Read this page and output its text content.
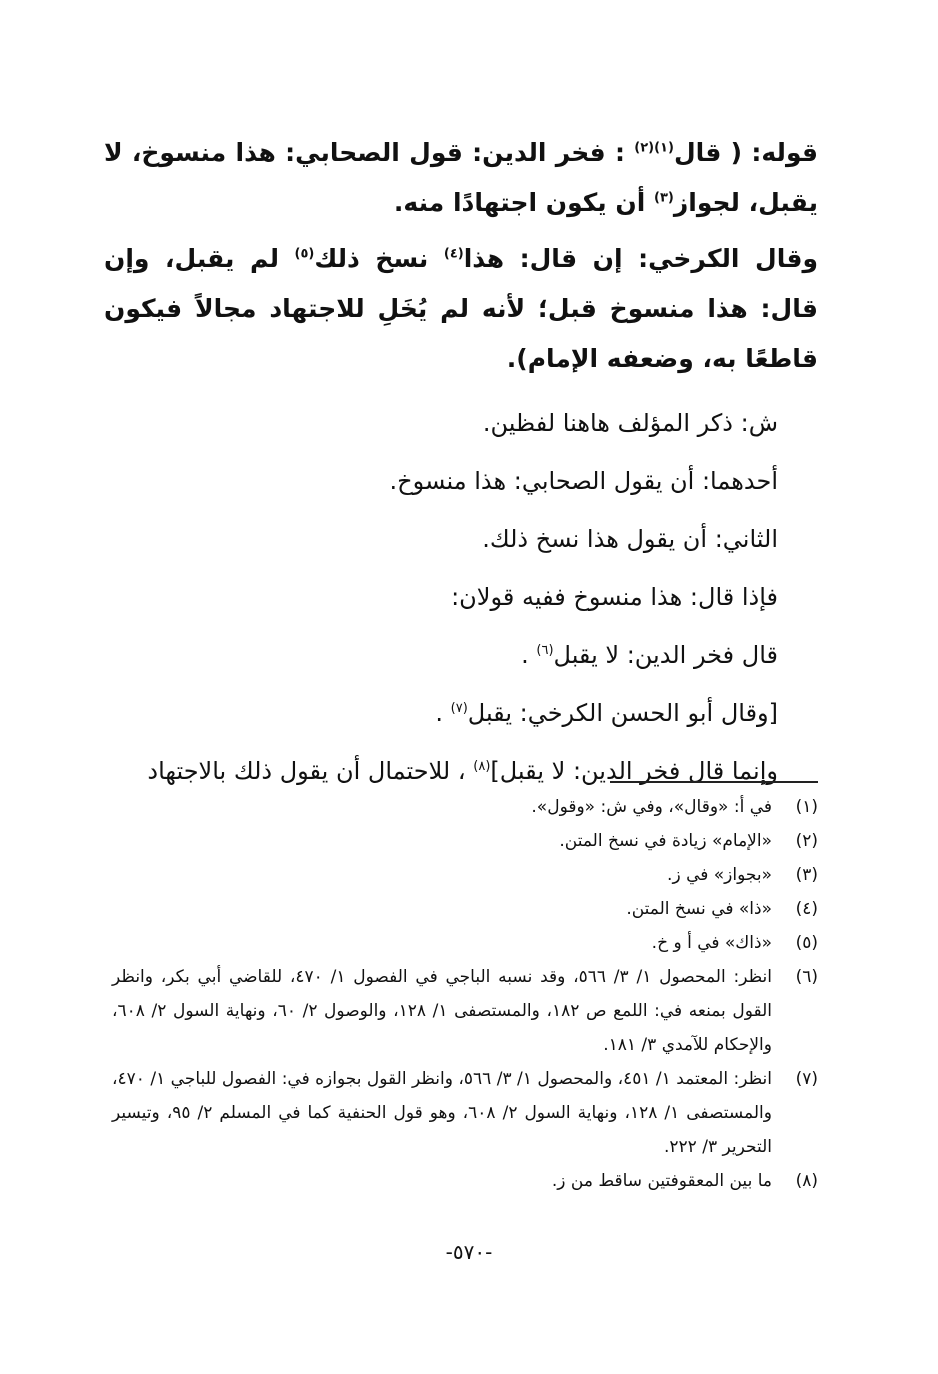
قوله: ( قال$^{(١)(٢)}$ : فخر الدين: قول الصحابي: هذا منسوخ، لا يقبل، لجواز$^{(٣)}$ أن يكون اجتهادًا منه.

وقال الكرخي: إن قال: هذا$^{(٤)}$ نسخ ذلك$^{(٥)}$ لم يقبل، وإن قال: هذا منسوخ قبل؛ لأنه لم يُخَلِ للاجتهاد مجالاً فيكون قاطعًا به، وضعفه الإمام).

ش: ذكر المؤلف هاهنا لفظين.

أحدهما: أن يقول الصحابي: هذا منسوخ.

الثاني: أن يقول هذا نسخ ذلك.

فإذا قال: هذا منسوخ ففيه قولان:

قال فخر الدين: لا يقبل$^{(٦)}$ .

[وقال أبو الحسن الكرخي: يقبل$^{(٧)}$ .

وإنما قال فخر الدين: لا يقبل]$^{(٨)}$ ، للاحتمال أن يقول ذلك بالاجتهاد

(١)
في أ: «وقال»، وفي ش: «وقول».
(٢)
«الإمام» زيادة في نسخ المتن.
(٣)
«بجواز» في ز.
(٤)
«ذا» في نسخ المتن.
(٥)
«ذاك» في أ و خ.
(٦)
انظر: المحصول ١/ ٣/ ٥٦٦، وقد نسبه الباجي في الفصول ١/ ٤٧٠، للقاضي أبي بكر، وانظر القول بمنعه في: اللمع ص ١٨٢، والمستصفى ١/ ١٢٨، والوصول ٢/ ٦٠، ونهاية السول ٢/ ٦٠٨، والإحكام للآمدي ٣/ ١٨١.
(٧)
انظر: المعتمد ١/ ٤٥١، والمحصول ١/ ٣/ ٥٦٦، وانظر القول بجوازه في: الفصول للباجي ١/ ٤٧٠، والمستصفى ١/ ١٢٨، ونهاية السول ٢/ ٦٠٨، وهو قول الحنفية كما في المسلم ٢/ ٩٥، وتيسير التحرير ٣/ ٢٢٢.
(٨)
ما بين المعقوفتين ساقط من ز.
-٥٧٠-
